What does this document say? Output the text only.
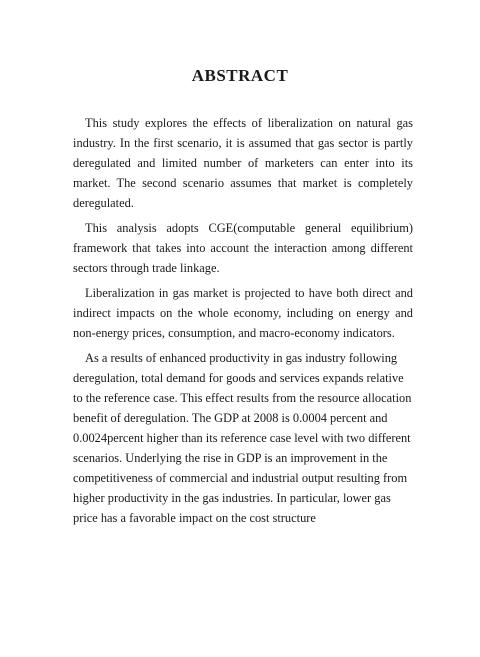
ABSTRACT

This study explores the effects of liberalization on natural gas industry. In the first scenario, it is assumed that gas sector is partly deregulated and limited number of marketers can enter into its market. The second scenario assumes that market is completely deregulated.

This analysis adopts CGE(computable general equilibrium) framework that takes into account the interaction among different sectors through trade linkage.

Liberalization in gas market is projected to have both direct and indirect impacts on the whole economy, including on energy and non-energy prices, consumption, and macro-economy indicators.

As a results of enhanced productivity in gas industry following deregulation, total demand for goods and services expands relative to the reference case. This effect results from the resource allocation benefit of deregulation. The GDP at 2008 is 0.0004 percent and 0.0024percent higher than its reference case level with two different scenarios. Underlying the rise in GDP is an improvement in the competitiveness of commercial and industrial output resulting from higher productivity in the gas industries. In particular, lower gas price has a favorable impact on the cost structure
